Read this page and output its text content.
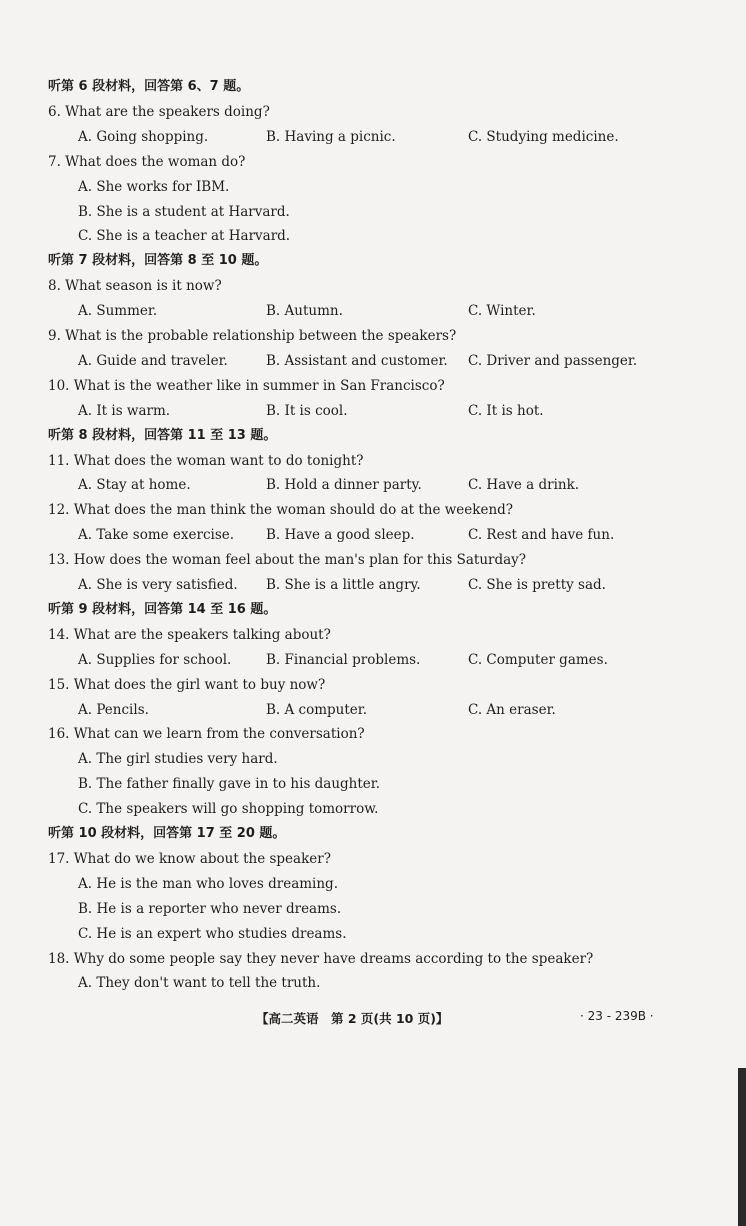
听第 6 段材料，回答第 6、7 题。
6. What are the speakers doing?
A. Going shopping.	B. Having a picnic.	C. Studying medicine.
7. What does the woman do?
A. She works for IBM.
B. She is a student at Harvard.
C. She is a teacher at Harvard.
听第 7 段材料，回答第 8 至 10 题。
8. What season is it now?
A. Summer.	B. Autumn.	C. Winter.
9. What is the probable relationship between the speakers?
A. Guide and traveler.	B. Assistant and customer. C. Driver and passenger.
10. What is the weather like in summer in San Francisco?
A. It is warm.	B. It is cool.	C. It is hot.
听第 8 段材料，回答第 11 至 13 题。
11. What does the woman want to do tonight?
A. Stay at home.	B. Hold a dinner party.	C. Have a drink.
12. What does the man think the woman should do at the weekend?
A. Take some exercise. B. Have a good sleep.	C. Rest and have fun.
13. How does the woman feel about the man's plan for this Saturday?
A. She is very satisfied. B. She is a little angry.	C. She is pretty sad.
听第 9 段材料，回答第 14 至 16 题。
14. What are the speakers talking about?
A. Supplies for school.	B. Financial problems.	C. Computer games.
15. What does the girl want to buy now?
A. Pencils.	B. A computer.	C. An eraser.
16. What can we learn from the conversation?
A. The girl studies very hard.
B. The father finally gave in to his daughter.
C. The speakers will go shopping tomorrow.
听第 10 段材料，回答第 17 至 20 题。
17. What do we know about the speaker?
A. He is the man who loves dreaming.
B. He is a reporter who never dreams.
C. He is an expert who studies dreams.
18. Why do some people say they never have dreams according to the speaker?
A. They don't want to tell the truth.
【高二英语　第 2 页(共 10 页)】	· 23 - 239B ·
